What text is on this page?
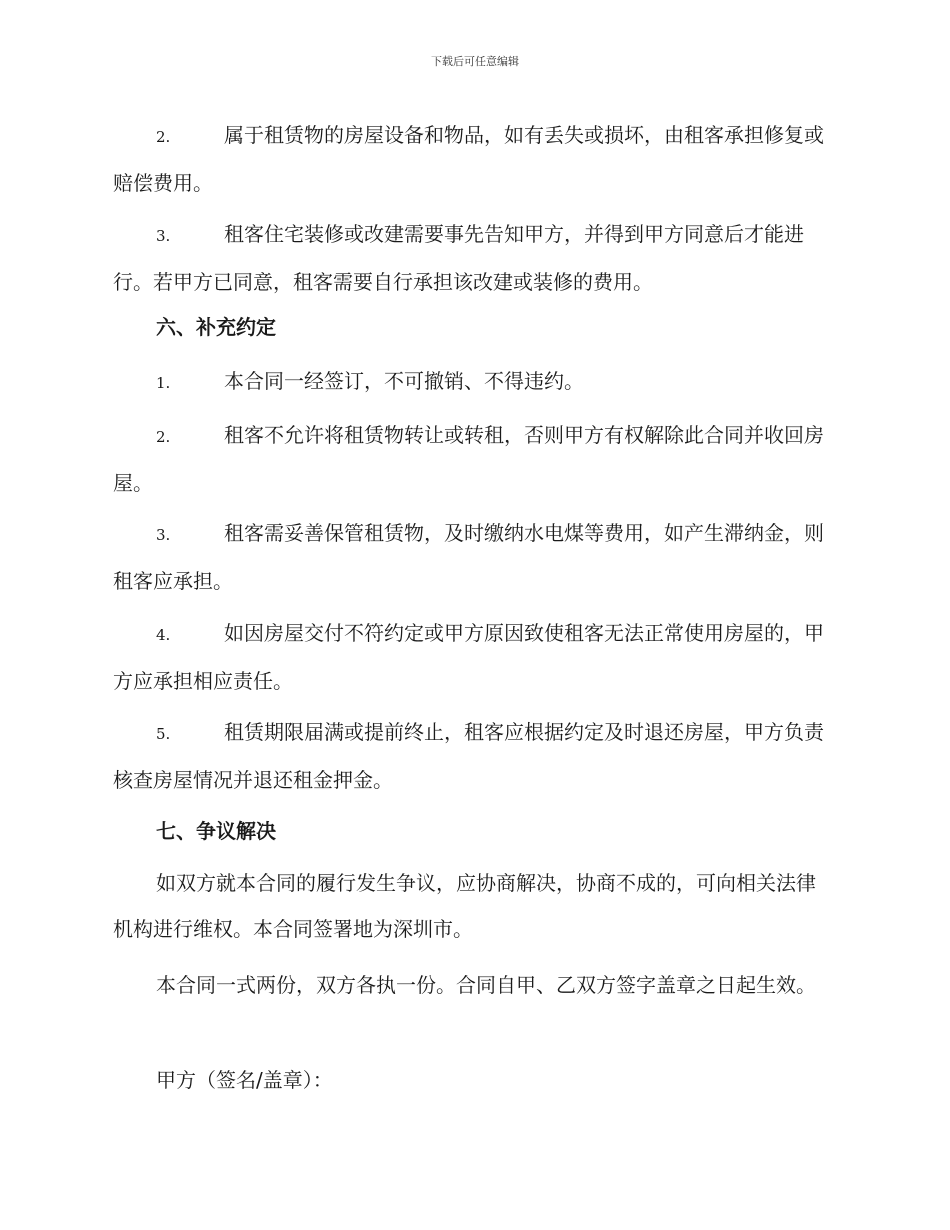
下载后可任意编辑
2.	属于租赁物的房屋设备和物品，如有丢失或损坏，由租客承担修复或赔偿费用。
3.	租客住宅装修或改建需要事先告知甲方，并得到甲方同意后才能进行。若甲方已同意，租客需要自行承担该改建或装修的费用。
六、补充约定
1.	本合同一经签订，不可撤销、不得违约。
2.	租客不允许将租赁物转让或转租，否则甲方有权解除此合同并收回房屋。
3.	租客需妥善保管租赁物，及时缴纳水电煤等费用，如产生滞纳金，则租客应承担。
4.	如因房屋交付不符约定或甲方原因致使租客无法正常使用房屋的，甲方应承担相应责任。
5.	租赁期限届满或提前终止，租客应根据约定及时退还房屋，甲方负责核查房屋情况并退还租金押金。
七、争议解决
如双方就本合同的履行发生争议，应协商解决，协商不成的，可向相关法律机构进行维权。本合同签署地为深圳市。
本合同一式两份，双方各执一份。合同自甲、乙双方签字盖章之日起生效。
甲方（签名/盖章）：
